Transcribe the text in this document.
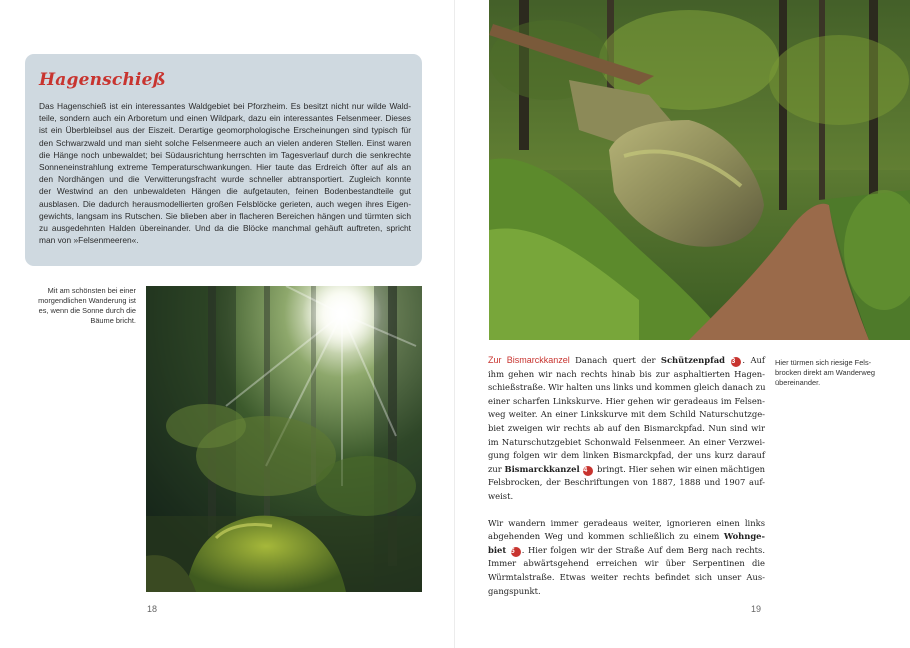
Hagenschieß
Das Hagenschieß ist ein interessantes Waldgebiet bei Pforzheim. Es besitzt nicht nur wilde Wald-
teile, sondern auch ein Arboretum und einen Wildpark, dazu ein interessantes Felsenmeer. Dieses
ist ein Überbleibsel aus der Eiszeit. Derartige geomorphologische Erscheinungen sind typisch für
den Schwarzwald und man sieht solche Felsenmeere auch an vielen anderen Stellen. Einst waren
die Hänge noch unbewaldet; bei Südausrichtung herrschten im Tagesverlauf durch die senkrechte
Sonneneinstrahlung extreme Temperaturschwankungen. Hier taute das Erdreich öfter auf als an
den Nordhängen und die Verwitterungsfracht wurde schneller abtransportiert. Zugleich konnte
der Westwind an den unbewaldeten Hängen die aufgetauten, feinen Bodenbestandteile gut
ausblasen. Die dadurch herausmodellierten großen Felsblöcke gerieten, auch wegen ihres Eigen-
gewichts, langsam ins Rutschen. Sie blieben aber in flacheren Bereichen hängen und türmten sich
zu ausgedehnten Halden übereinander. Und da die Blöcke manchmal gehäuft auftreten, spricht
man von »Felsenmeeren«.
Mit am schönsten bei einer
morgendlichen Wanderung ist
es, wenn die Sonne durch die
Bäume bricht.
18
Hier türmen sich riesige Fels-
brocken direkt am Wanderweg
übereinander.
Zur Bismarckkanzel Danach quert der Schützenpfad 3 . Auf
ihm gehen wir nach rechts hinab bis zur asphaltierten Hagen-
schießstraße. Wir halten uns links und kommen gleich danach zu
einer scharfen Linkskurve. Hier gehen wir geradeaus im Felsen-
weg weiter. An einer Linkskurve mit dem Schild Naturschutzge-
biet zweigen wir rechts ab auf den Bismarckpfad. Nun sind wir
im Naturschutzgebiet Schonwald Felsenmeer. An einer Verzwei-
gung folgen wir dem linken Bismarckpfad, der uns kurz darauf
zur Bismarckkanzel 4 bringt. Hier sehen wir einen mächtigen
Felsbrocken, der Beschriftungen von 1887, 1888 und 1907 auf-
weist.
Wir wandern immer geradeaus weiter, ignorieren einen links
abgehenden Weg und kommen schließlich zu einem Wohnge-
biet 5 . Hier folgen wir der Straße Auf dem Berg nach rechts.
Immer abwärtsgehend erreichen wir über Serpentinen die
Würmtalstraße. Etwas weiter rechts befindet sich unser Aus-
gangspunkt.
19
